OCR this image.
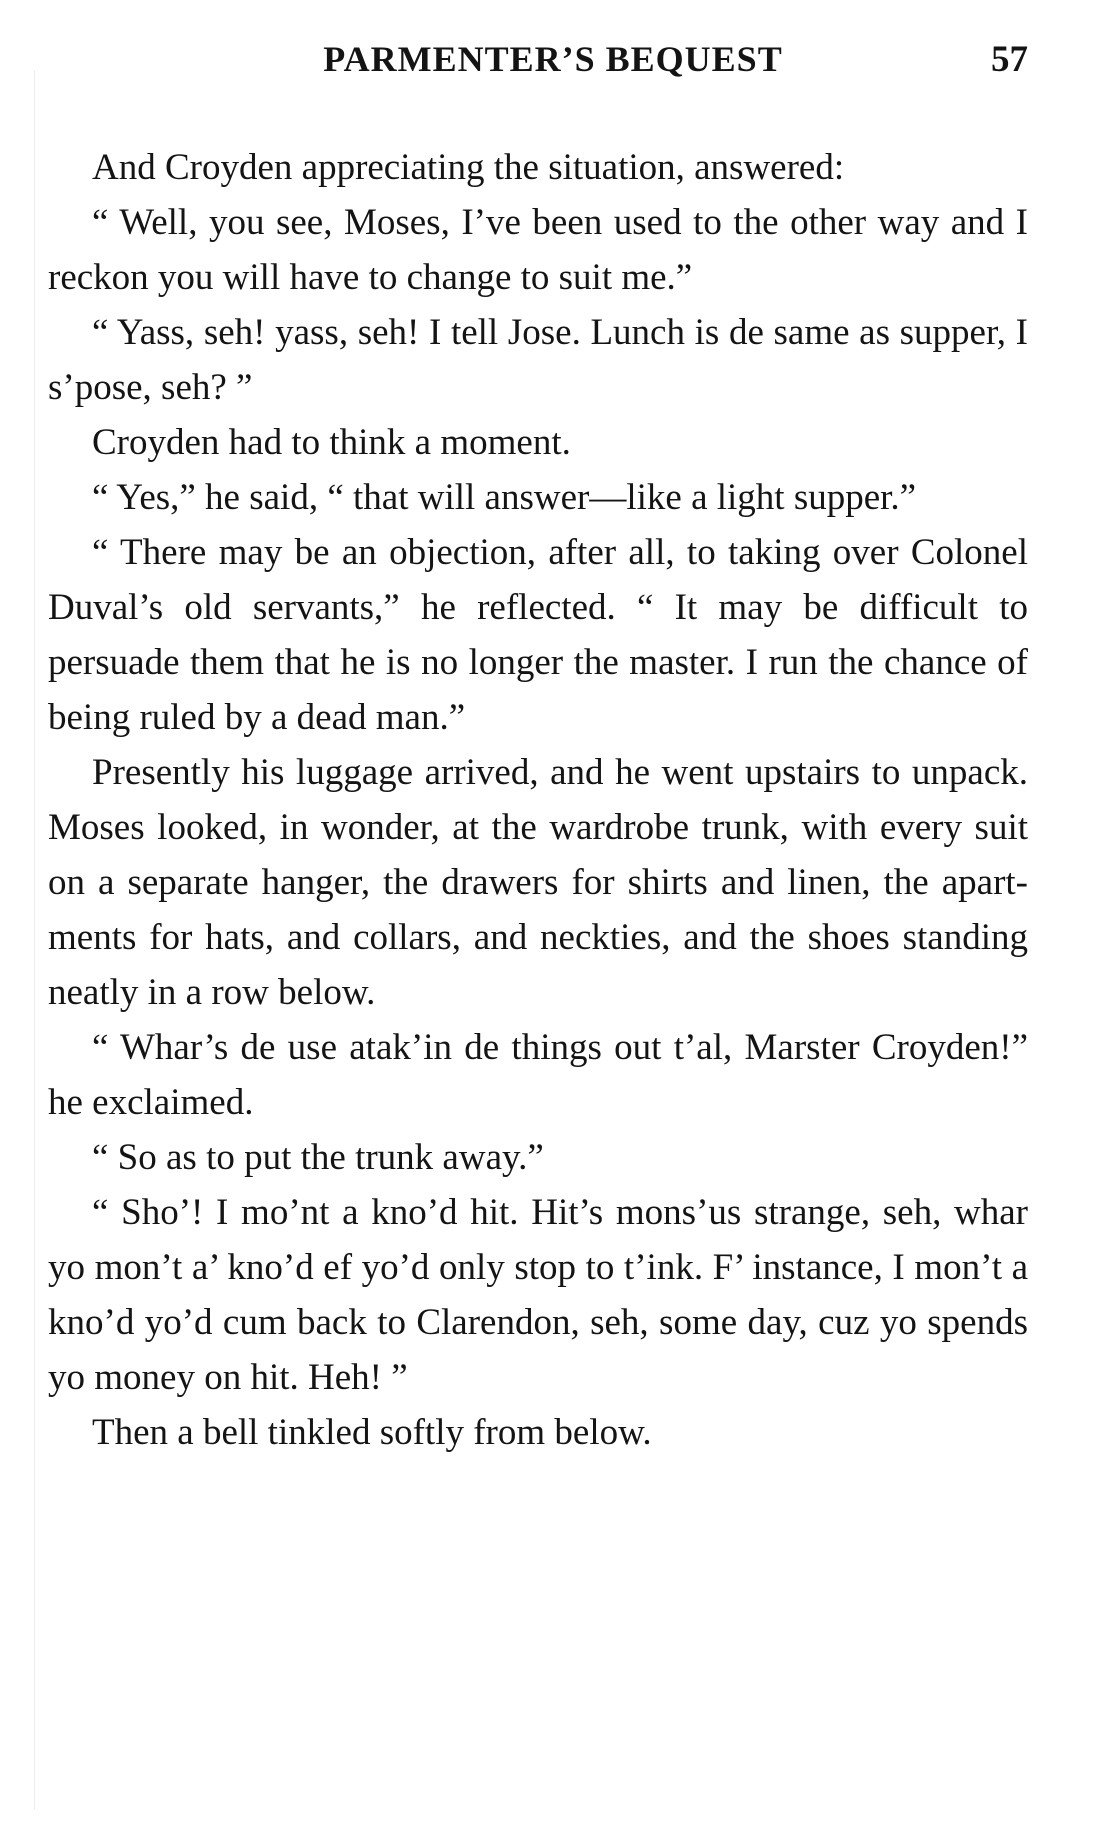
PARMENTER’S BEQUEST	57

And Croyden appreciating the situation, answered:

“ Well, you see, Moses, I’ve been used to the other way and I reckon you will have to change to suit me.”

“ Yass, seh! yass, seh! I tell Jose. Lunch is de same as supper, I s’pose, seh? ”

Croyden had to think a moment.

“ Yes,” he said, “ that will answer—like a light supper.”

“ There may be an objection, after all, to taking over Colonel Duval’s old servants,” he reflected. “ It may be difficult to persuade them that he is no longer the master. I run the chance of being ruled by a dead man.”

Presently his luggage arrived, and he went upstairs to unpack. Moses looked, in wonder, at the wardrobe trunk, with every suit on a separate hanger, the drawers for shirts and linen, the apartments for hats, and collars, and neckties, and the shoes standing neatly in a row below.

“ Whar’s de use atak’in de things out t’al, Marster Croyden!” he exclaimed.

“ So as to put the trunk away.”

“ Sho’! I mo’nt a kno’d hit. Hit’s mons’us strange, seh, whar yo mon’t a’ kno’d ef yo’d only stop to t’ink. F’ instance, I mon’t a kno’d yo’d cum back to Clarendon, seh, some day, cuz yo spends yo money on hit. Heh! ”

Then a bell tinkled softly from below.
